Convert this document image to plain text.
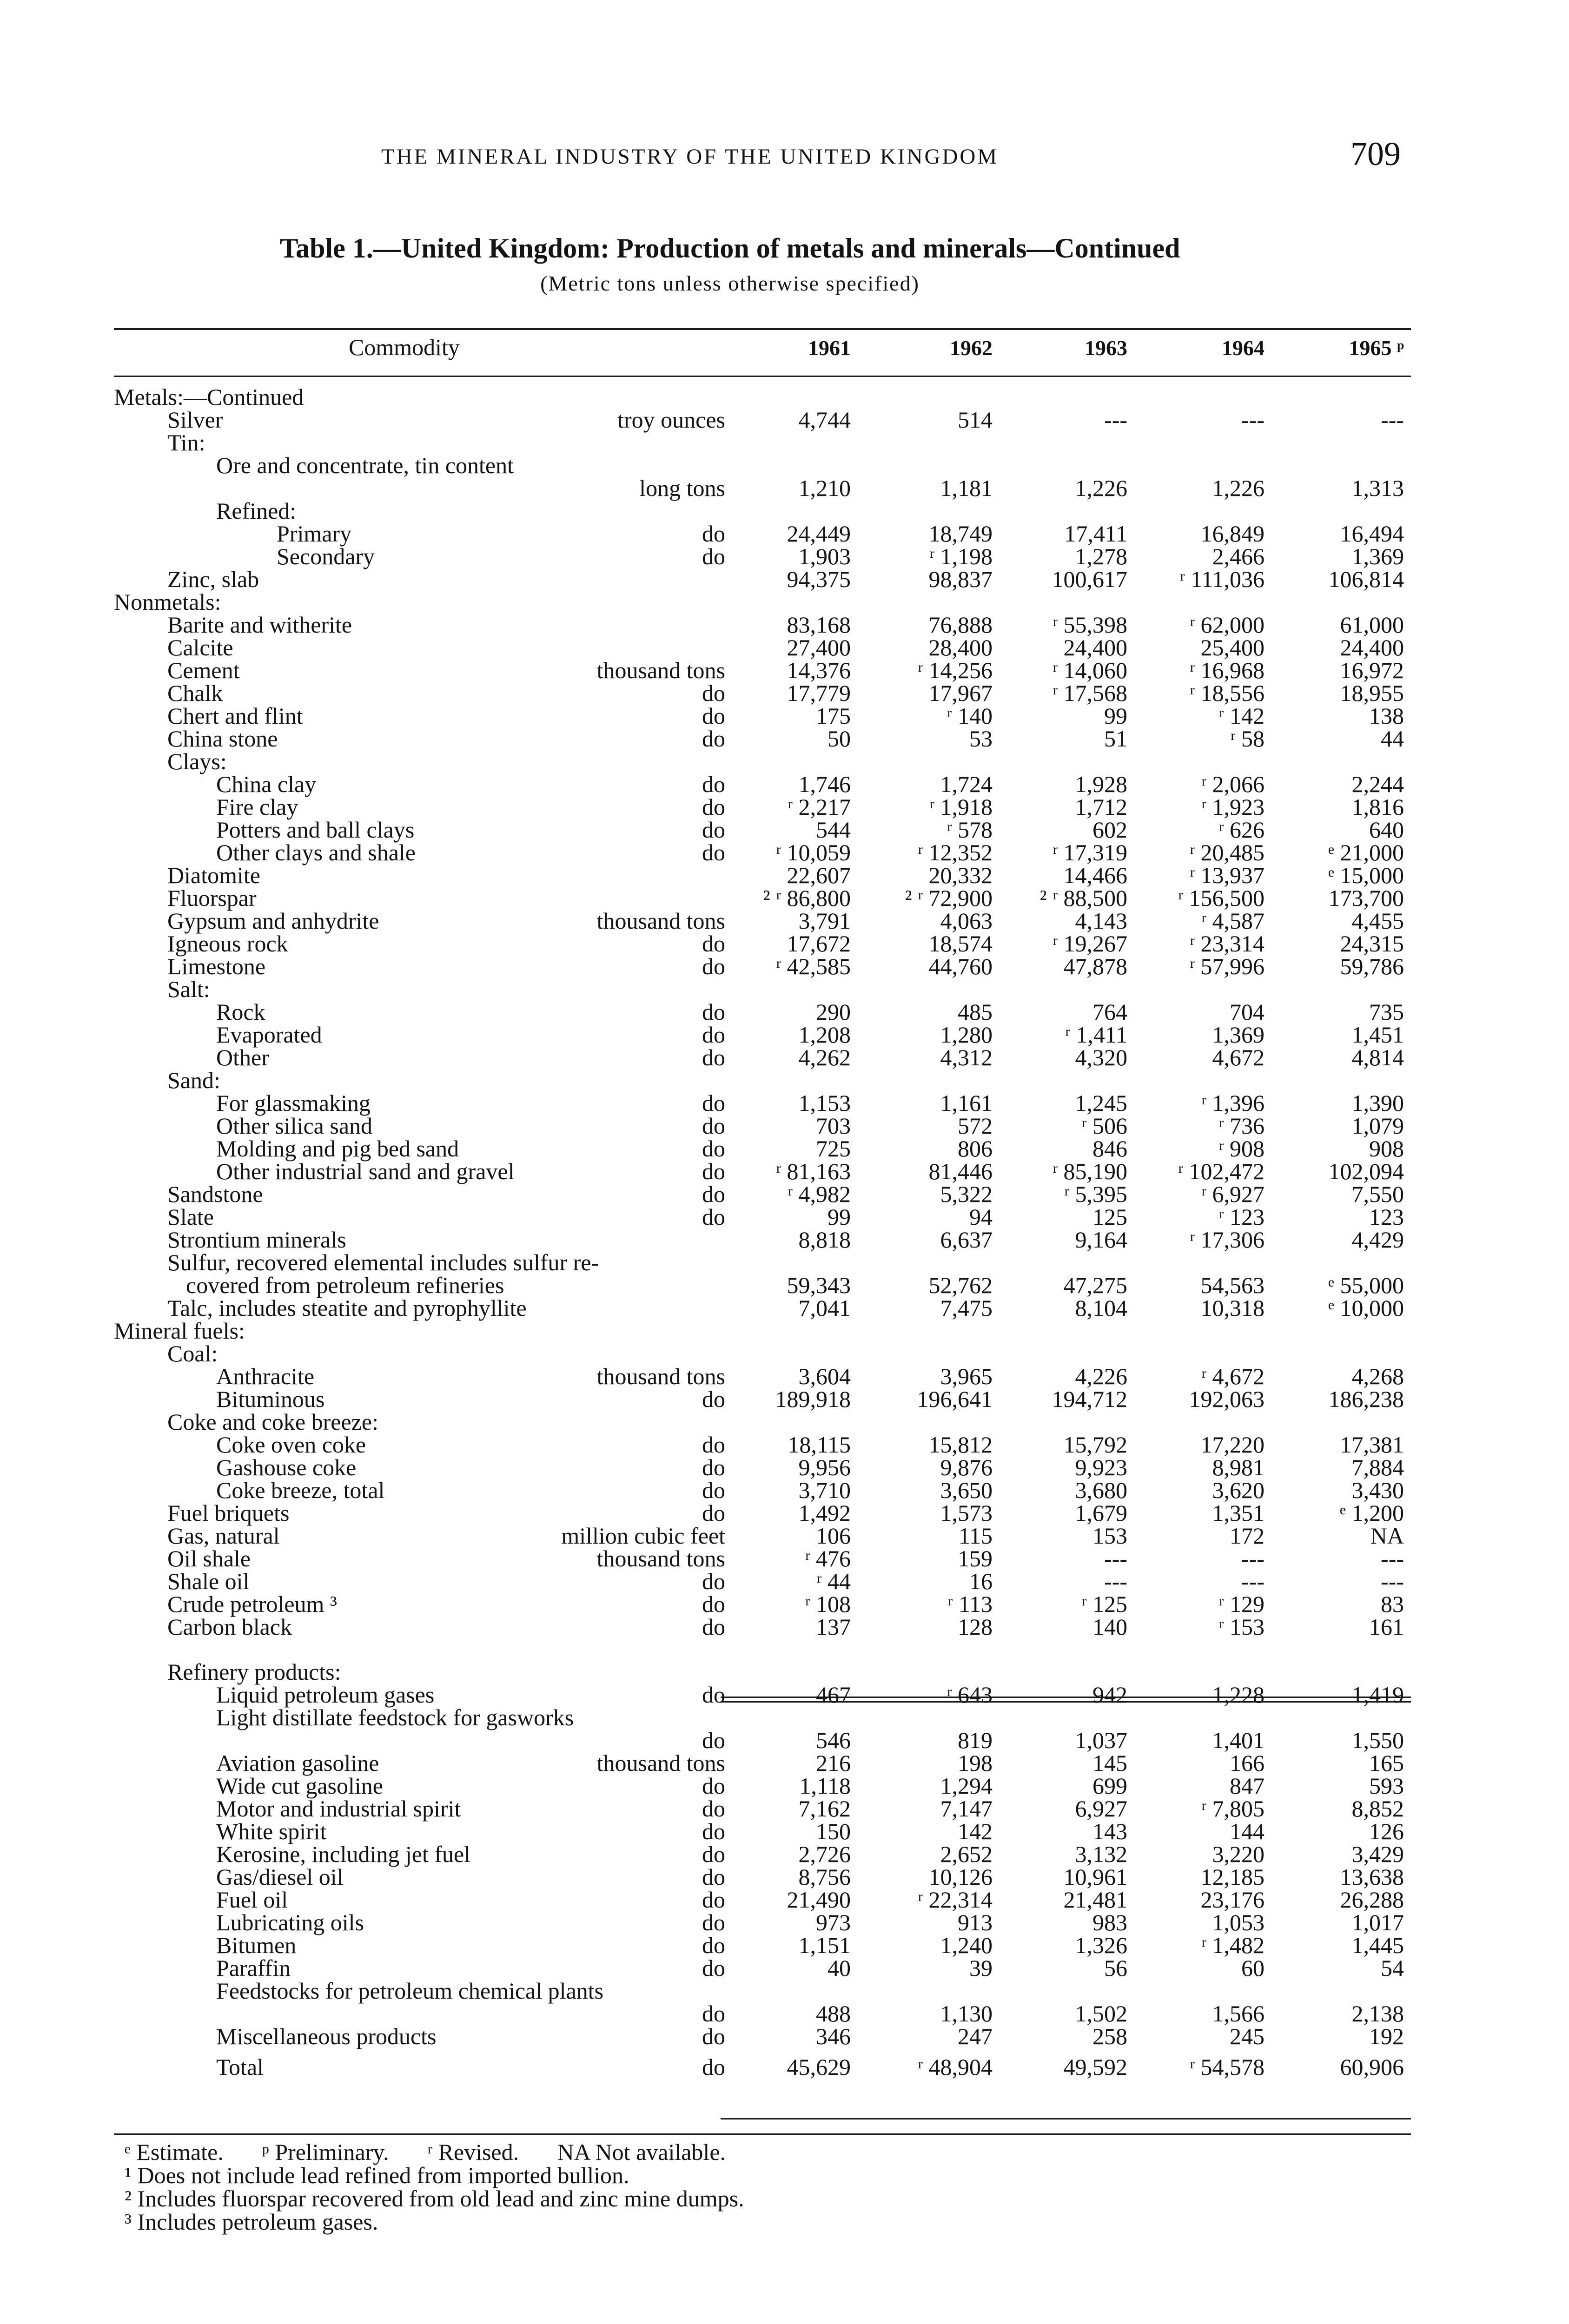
THE MINERAL INDUSTRY OF THE UNITED KINGDOM	709
Table 1.—United Kingdom: Production of metals and minerals—Continued
(Metric tons unless otherwise specified)
Commodity	1961	1962	1963	1964	1965 ᵖ
Metals:—Continued
Silver	troy ounces	4,744	514	---	---	---
Tin:
Ore and concentrate, tin content
long tons	1,210	1,181	1,226	1,226	1,313
Refined:
Primary	do	24,449	18,749	17,411	16,849	16,494
Secondary	do	1,903	ʳ 1,198	1,278	2,466	1,369
Zinc, slab	94,375	98,837	100,617	ʳ 111,036	106,814
Nonmetals:
Barite and witherite	83,168	76,888	ʳ 55,398	ʳ 62,000	61,000
Calcite	27,400	28,400	24,400	25,400	24,400
Cement	thousand tons	14,376	ʳ 14,256	ʳ 14,060	ʳ 16,968	16,972
Chalk	do	17,779	17,967	ʳ 17,568	ʳ 18,556	18,955
Chert and flint	do	175	ʳ 140	99	ʳ 142	138
China stone	do	50	53	51	ʳ 58	44
Clays:
China clay	do	1,746	1,724	1,928	ʳ 2,066	2,244
Fire clay	do	ʳ 2,217	ʳ 1,918	1,712	ʳ 1,923	1,816
Potters and ball clays	do	544	ʳ 578	602	ʳ 626	640
Other clays and shale	do	ʳ 10,059	ʳ 12,352	ʳ 17,319	ʳ 20,485	ᵉ 21,000
Diatomite	22,607	20,332	14,466	ʳ 13,937	ᵉ 15,000
Fluorspar	² ʳ 86,800	² ʳ 72,900	² ʳ 88,500	ʳ 156,500	173,700
Gypsum and anhydrite	thousand tons	3,791	4,063	4,143	ʳ 4,587	4,455
Igneous rock	do	17,672	18,574	ʳ 19,267	ʳ 23,314	24,315
Limestone	do	ʳ 42,585	44,760	47,878	ʳ 57,996	59,786
Salt:
Rock	do	290	485	764	704	735
Evaporated	do	1,208	1,280	ʳ 1,411	1,369	1,451
Other	do	4,262	4,312	4,320	4,672	4,814
Sand:
For glassmaking	do	1,153	1,161	1,245	ʳ 1,396	1,390
Other silica sand	do	703	572	ʳ 506	ʳ 736	1,079
Molding and pig bed sand	do	725	806	846	ʳ 908	908
Other industrial sand and gravel	do	ʳ 81,163	81,446	ʳ 85,190	ʳ 102,472	102,094
Sandstone	do	ʳ 4,982	5,322	ʳ 5,395	ʳ 6,927	7,550
Slate	do	99	94	125	ʳ 123	123
Strontium minerals	8,818	6,637	9,164	ʳ 17,306	4,429
Sulfur, recovered elemental includes sulfur re-
covered from petroleum refineries	59,343	52,762	47,275	54,563	ᵉ 55,000
Talc, includes steatite and pyrophyllite	7,041	7,475	8,104	10,318	ᵉ 10,000
Mineral fuels:
Coal:
Anthracite	thousand tons	3,604	3,965	4,226	ʳ 4,672	4,268
Bituminous	do	189,918	196,641	194,712	192,063	186,238
Coke and coke breeze:
Coke oven coke	do	18,115	15,812	15,792	17,220	17,381
Gashouse coke	do	9,956	9,876	9,923	8,981	7,884
Coke breeze, total	do	3,710	3,650	3,680	3,620	3,430
Fuel briquets	do	1,492	1,573	1,679	1,351	ᵉ 1,200
Gas, natural	million cubic feet	106	115	153	172	NA
Oil shale	thousand tons	ʳ 476	159	---	---	---
Shale oil	do	ʳ 44	16	---	---	---
Crude petroleum ³	do	ʳ 108	ʳ 113	ʳ 125	ʳ 129	83
Carbon black	do	137	128	140	ʳ 153	161
Refinery products:
Liquid petroleum gases	do	467	ʳ 643	942	1,228	1,419
Light distillate feedstock for gasworks
do	546	819	1,037	1,401	1,550
Aviation gasoline	thousand tons	216	198	145	166	165
Wide cut gasoline	do	1,118	1,294	699	847	593
Motor and industrial spirit	do	7,162	7,147	6,927	ʳ 7,805	8,852
White spirit	do	150	142	143	144	126
Kerosine, including jet fuel	do	2,726	2,652	3,132	3,220	3,429
Gas/diesel oil	do	8,756	10,126	10,961	12,185	13,638
Fuel oil	do	21,490	ʳ 22,314	21,481	23,176	26,288
Lubricating oils	do	973	913	983	1,053	1,017
Bitumen	do	1,151	1,240	1,326	ʳ 1,482	1,445
Paraffin	do	40	39	56	60	54
Feedstocks for petroleum chemical plants
do	488	1,130	1,502	1,566	2,138
Miscellaneous products	do	346	247	258	245	192
Total	do	45,629	ʳ 48,904	49,592	ʳ 54,578	60,906
ᵉ Estimate. ᵖ Preliminary. ʳ Revised. NA Not available.
¹ Does not include lead refined from imported bullion.
² Includes fluorspar recovered from old lead and zinc mine dumps.
³ Includes petroleum gases.
